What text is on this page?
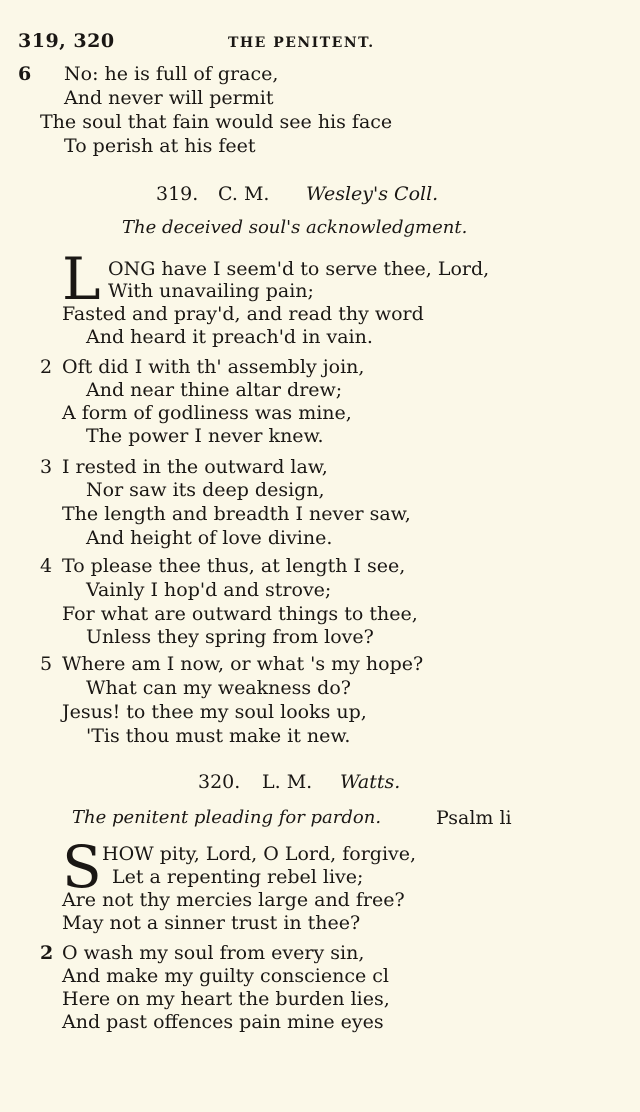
319, 320	THE PENITENT.
6 No: he is full of grace,
And never will permit
The soul that fain would see his face
To perish at his feet
319. C. M. Wesley's Coll.
The deceived soul's acknowledgment.
L ONG have I seem'd to serve thee, Lord,
With unavailing pain;
Fasted and pray'd, and read thy word
And heard it preach'd in vain.
2 Oft did I with th' assembly join,
And near thine altar drew;
A form of godliness was mine,
The power I never knew.
3 I rested in the outward law,
Nor saw its deep design,
The length and breadth I never saw,
And height of love divine.
4 To please thee thus, at length I see,
Vainly I hop'd and strove;
For what are outward things to thee,
Unless they spring from love?
5 Where am I now, or what 's my hope?
What can my weakness do?
Jesus! to thee my soul looks up,
'Tis thou must make it new.
320. L. M. Watts.
The penitent pleading for pardon.	Psalm li
S HOW pity, Lord, O Lord, forgive,
Let a repenting rebel live;
Are not thy mercies large and free?
May not a sinner trust in thee?
2 O wash my soul from every sin,
And make my guilty conscience cl
Here on my heart the burden lies,
And past offences pain mine eyes
